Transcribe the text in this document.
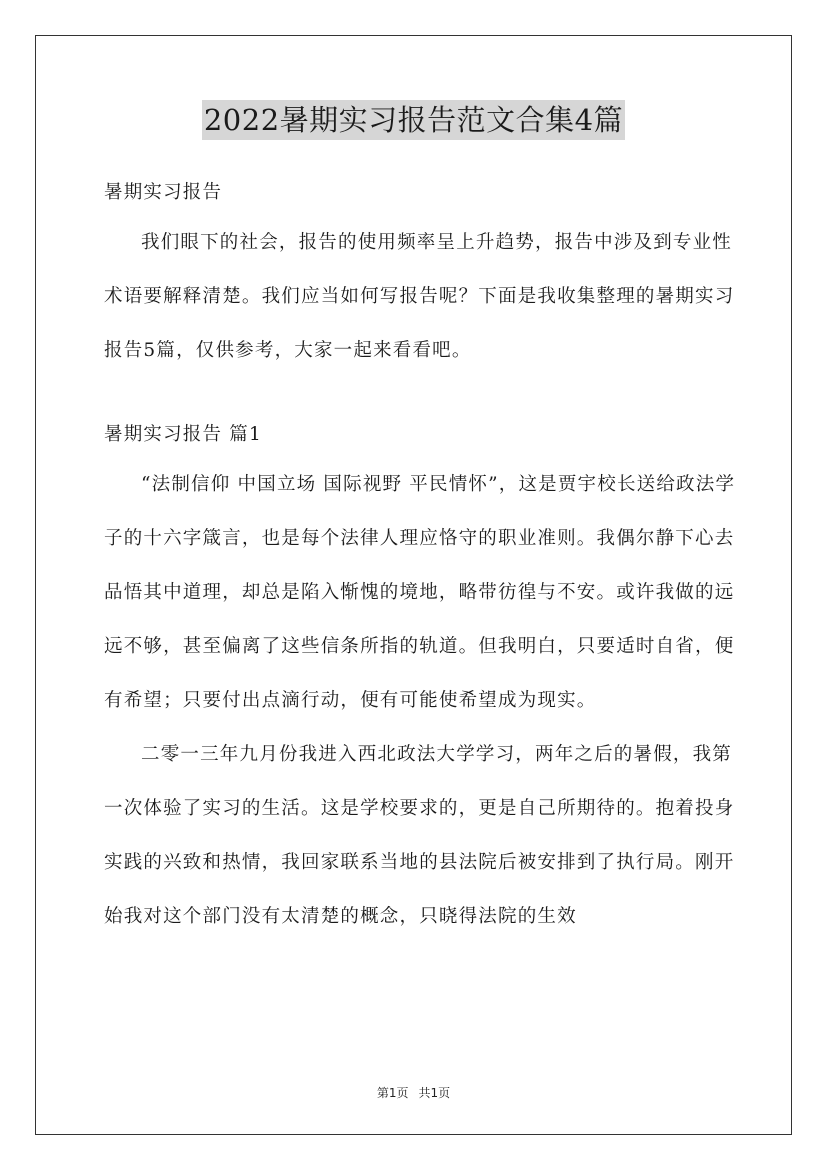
2022暑期实习报告范文合集4篇

暑期实习报告

我们眼下的社会，报告的使用频率呈上升趋势，报告中涉及到专业性术语要解释清楚。我们应当如何写报告呢？下面是我收集整理的暑期实习报告5篇，仅供参考，大家一起来看看吧。

暑期实习报告 篇1

“法制信仰 中国立场 国际视野 平民情怀”，这是贾宇校长送给政法学子的十六字箴言，也是每个法律人理应恪守的职业准则。我偶尔静下心去品悟其中道理，却总是陷入惭愧的境地，略带彷徨与不安。或许我做的远远不够，甚至偏离了这些信条所指的轨道。但我明白，只要适时自省，便有希望；只要付出点滴行动，便有可能使希望成为现实。

二零一三年九月份我进入西北政法大学学习，两年之后的暑假，我第一次体验了实习的生活。这是学校要求的，更是自己所期待的。抱着投身实践的兴致和热情，我回家联系当地的县法院后被安排到了执行局。刚开始我对这个部门没有太清楚的概念，只晓得法院的生效

第1页 共1页
